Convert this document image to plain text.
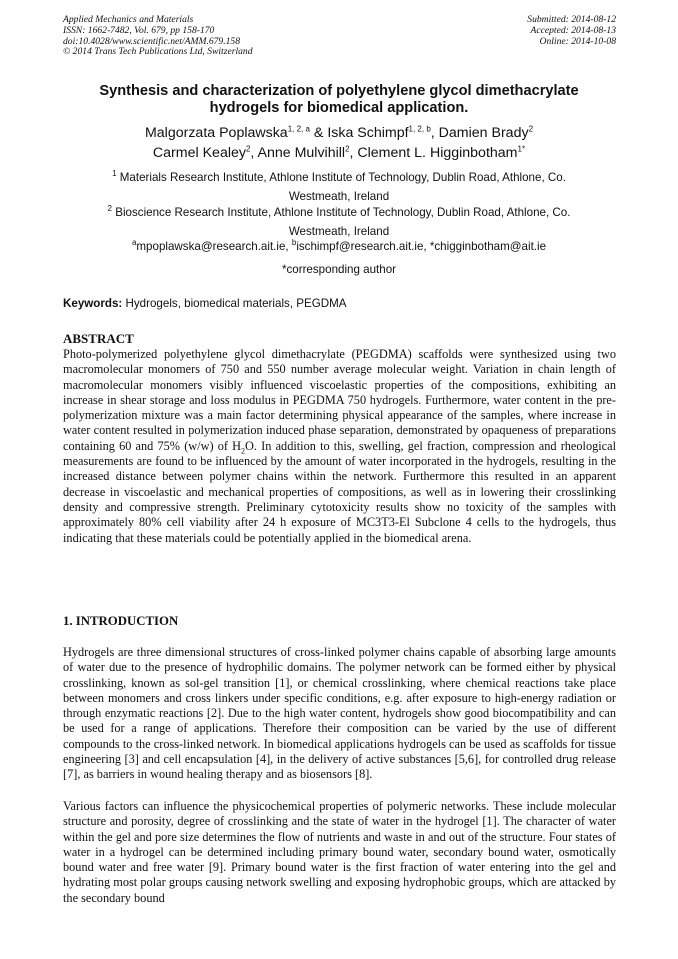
Applied Mechanics and Materials
ISSN: 1662-7482, Vol. 679, pp 158-170
doi:10.4028/www.scientific.net/AMM.679.158
© 2014 Trans Tech Publications Ltd, Switzerland
Submitted: 2014-08-12
Accepted: 2014-08-13
Online: 2014-10-08
Synthesis and characterization of polyethylene glycol dimethacrylate
hydrogels for biomedical application.
Malgorzata Poplawska$^{1, 2, a}$ & Iska Schimpf$^{1, 2, b}$, Damien Brady$^2$
Carmel Kealey$^2$, Anne Mulvihill$^2$, Clement L. Higginbotham$^{1*}$
$^1$ Materials Research Institute, Athlone Institute of Technology, Dublin Road, Athlone, Co.
Westmeath, Ireland
$^2$ Bioscience Research Institute, Athlone Institute of Technology, Dublin Road, Athlone, Co.
Westmeath, Ireland
$^a$mpoplawska@research.ait.ie, $^b$ischimpf@research.ait.ie, *chigginbotham@ait.ie
*corresponding author
Keywords: Hydrogels, biomedical materials, PEGDMA
ABSTRACT
Photo-polymerized polyethylene glycol dimethacrylate (PEGDMA) scaffolds were synthesized using two macromolecular monomers of 750 and 550 number average molecular weight. Variation in chain length of macromolecular monomers visibly influenced viscoelastic properties of the compositions, exhibiting an increase in shear storage and loss modulus in PEGDMA 750 hydrogels. Furthermore, water content in the pre-polymerization mixture was a main factor determining physical appearance of the samples, where increase in water content resulted in polymerization induced phase separation, demonstrated by opaqueness of preparations containing 60 and 75% (w/w) of $H_2O$. In addition to this, swelling, gel fraction, compression and rheological measurements are found to be influenced by the amount of water incorporated in the hydrogels, resulting in the increased distance between polymer chains within the network. Furthermore this resulted in an apparent decrease in viscoelastic and mechanical properties of compositions, as well as in lowering their crosslinking density and compressive strength. Preliminary cytotoxicity results show no toxicity of the samples with approximately 80% cell viability after 24 h exposure of MC3T3-El Subclone 4 cells to the hydrogels, thus indicating that these materials could be potentially applied in the biomedical arena.
1. INTRODUCTION

Hydrogels are three dimensional structures of cross-linked polymer chains capable of absorbing large amounts of water due to the presence of hydrophilic domains. The polymer network can be formed either by physical crosslinking, known as sol-gel transition [1], or chemical crosslinking, where chemical reactions take place between monomers and cross linkers under specific conditions, e.g. after exposure to high-energy radiation or through enzymatic reactions [2]. Due to the high water content, hydrogels show good biocompatibility and can be used for a range of applications. Therefore their composition can be varied by the use of different compounds to the cross-linked network. In biomedical applications hydrogels can be used as scaffolds for tissue engineering [3] and cell encapsulation [4], in the delivery of active substances [5,6], for controlled drug release [7], as barriers in wound healing therapy and as biosensors [8].

Various factors can influence the physicochemical properties of polymeric networks. These include molecular structure and porosity, degree of crosslinking and the state of water in the hydrogel [1]. The character of water within the gel and pore size determines the flow of nutrients and waste in and out of the structure. Four states of water in a hydrogel can be determined including primary bound water, secondary bound water, osmotically bound water and free water [9]. Primary bound water is the first fraction of water entering into the gel and hydrating most polar groups causing network swelling and exposing hydrophobic groups, which are attacked by the secondary bound
